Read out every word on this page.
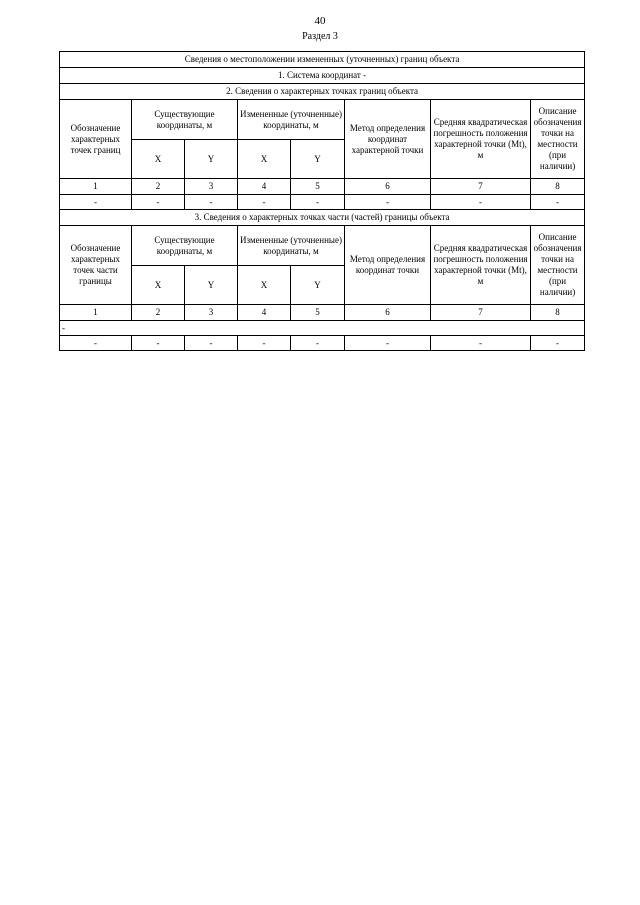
40
Раздел 3
Сведения о местоположении измененных (уточненных) границ объекта							
1. Система координат -							
2. Сведения о характерных точках границ объекта							
Обозначение характерных точек границ	Существующие координаты, м		Измененные (уточненные) координаты, м		Метод определения координат характерной точки	Средняя квадратическая погрешность положения характерной точки (Mt), м	Описание обозначения точки на местности (при наличии)
	X	Y	X	Y			
1	2	3	4	5	6	7	8
-	-	-	-	-	-	-	-
3. Сведения о характерных точках части (частей) границы объекта							
Обозначение характерных точек части границы	Существующие координаты, м		Измененные (уточненные) координаты, м		Метод определения координат точки	Средняя квадратическая погрешность положения характерной точки (Mt), м	Описание обозначения точки на местности (при наличии)
	X	Y	X	Y			
1	2	3	4	5	6	7	8
-							
-	-	-	-	-	-	-	-
